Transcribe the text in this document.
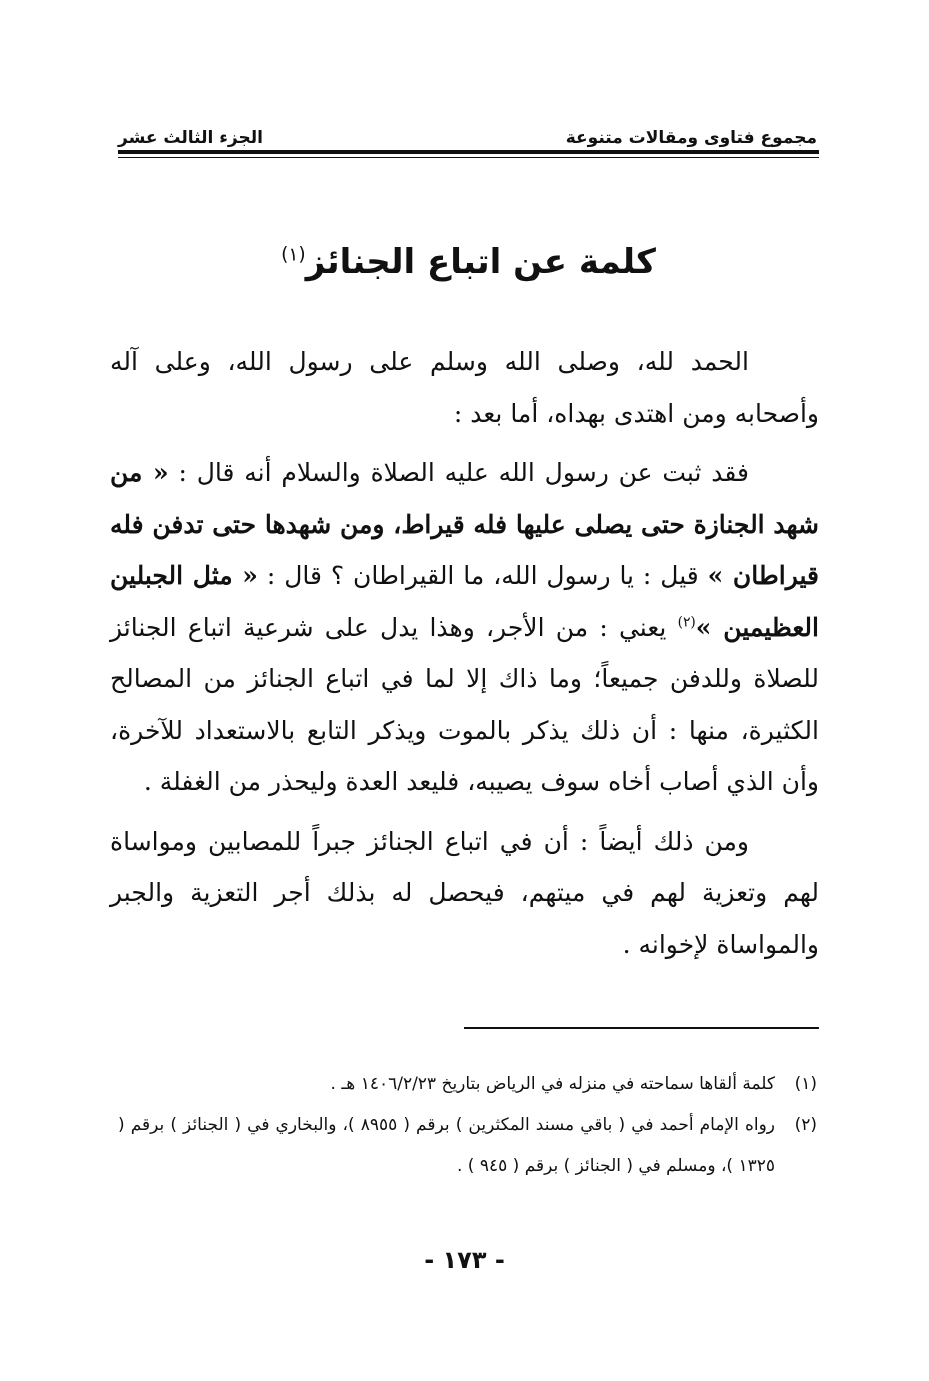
مجموع فتاوى ومقالات متنوعة
الجزء الثالث عشر
كلمة عن اتباع الجنائز$^{(١)}$

الحمد لله، وصلى الله وسلم على رسول الله، وعلى آله وأصحابه ومن اهتدى بهداه، أما بعد :

فقد ثبت عن رسول الله عليه الصلاة والسلام أنه قال : « من شهد الجنازة حتى يصلى عليها فله قيراط، ومن شهدها حتى تدفن فله قيراطان » قيل : يا رسول الله، ما القيراطان ؟ قال : « مثل الجبلين العظيمين »$^{(٢)}$ يعني : من الأجر، وهذا يدل على شرعية اتباع الجنائز للصلاة وللدفن جميعاً؛ وما ذاك إلا لما في اتباع الجنائز من المصالح الكثيرة، منها : أن ذلك يذكر بالموت ويذكر التابع بالاستعداد للآخرة، وأن الذي أصاب أخاه سوف يصيبه، فليعد العدة وليحذر من الغفلة .

ومن ذلك أيضاً : أن في اتباع الجنائز جبراً للمصابين ومواساة لهم وتعزية لهم في ميتهم، فيحصل له بذلك أجر التعزية والجبر والمواساة لإخوانه .

(١)
كلمة ألقاها سماحته في منزله في الرياض بتاريخ ١٤٠٦/٢/٢٣ هـ .
(٢)
رواه الإمام أحمد في ( باقي مسند المكثرين ) برقم ( ٨٩٥٥ )، والبخاري في ( الجنائز ) برقم ( ١٣٢٥ )، ومسلم في ( الجنائز ) برقم ( ٩٤٥ ) .
- ١٧٣ -
